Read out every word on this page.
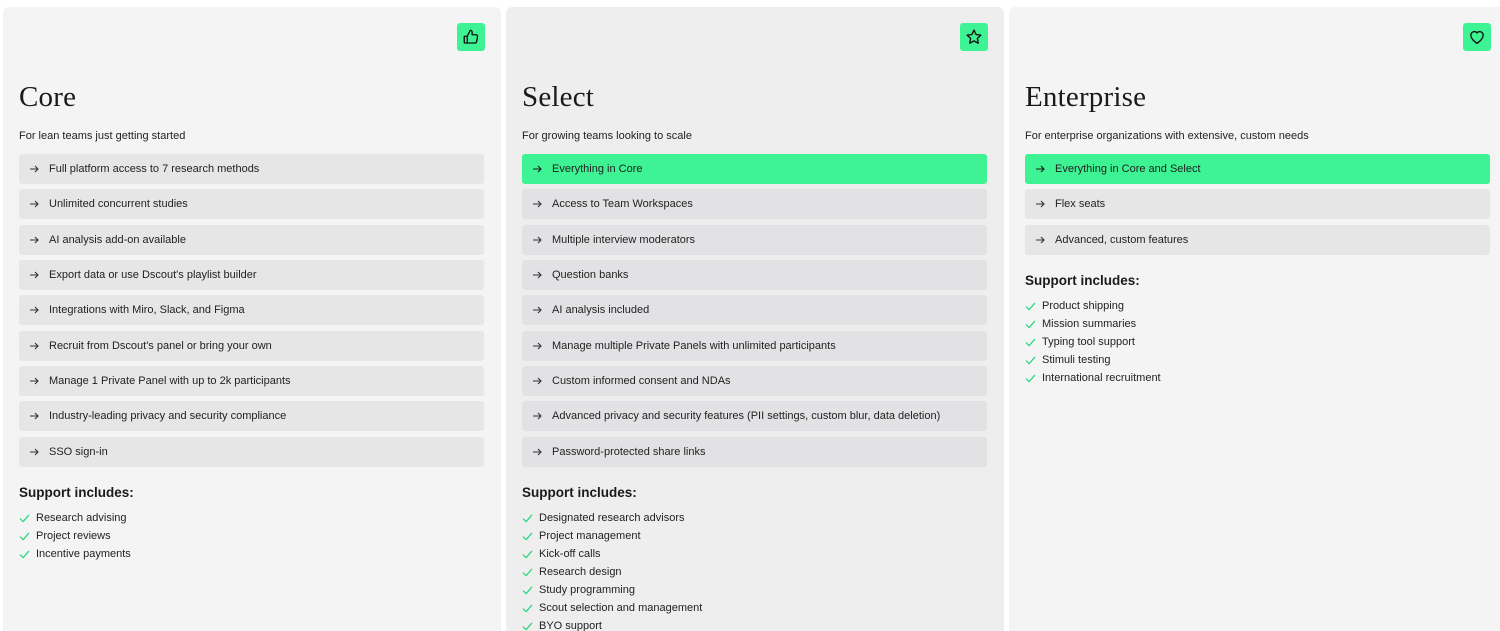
Core

For lean teams just getting started

Full platform access to 7 research methods
Unlimited concurrent studies
AI analysis add-on available
Export data or use Dscout's playlist builder
Integrations with Miro, Slack, and Figma
Recruit from Dscout's panel or bring your own
Manage 1 Private Panel with up to 2k participants
Industry-leading privacy and security compliance
SSO sign-in
Support includes:
Research advising
Project reviews
Incentive payments
Select

For growing teams looking to scale

Everything in Core
Access to Team Workspaces
Multiple interview moderators
Question banks
AI analysis included
Manage multiple Private Panels with unlimited participants
Custom informed consent and NDAs
Advanced privacy and security features (PII settings, custom blur, data deletion)
Password-protected share links
Support includes:
Designated research advisors
Project management
Kick-off calls
Research design
Study programming
Scout selection and management
BYO support
Enterprise

For enterprise organizations with extensive, custom needs

Everything in Core and Select
Flex seats
Advanced, custom features
Support includes:
Product shipping
Mission summaries
Typing tool support
Stimuli testing
International recruitment
